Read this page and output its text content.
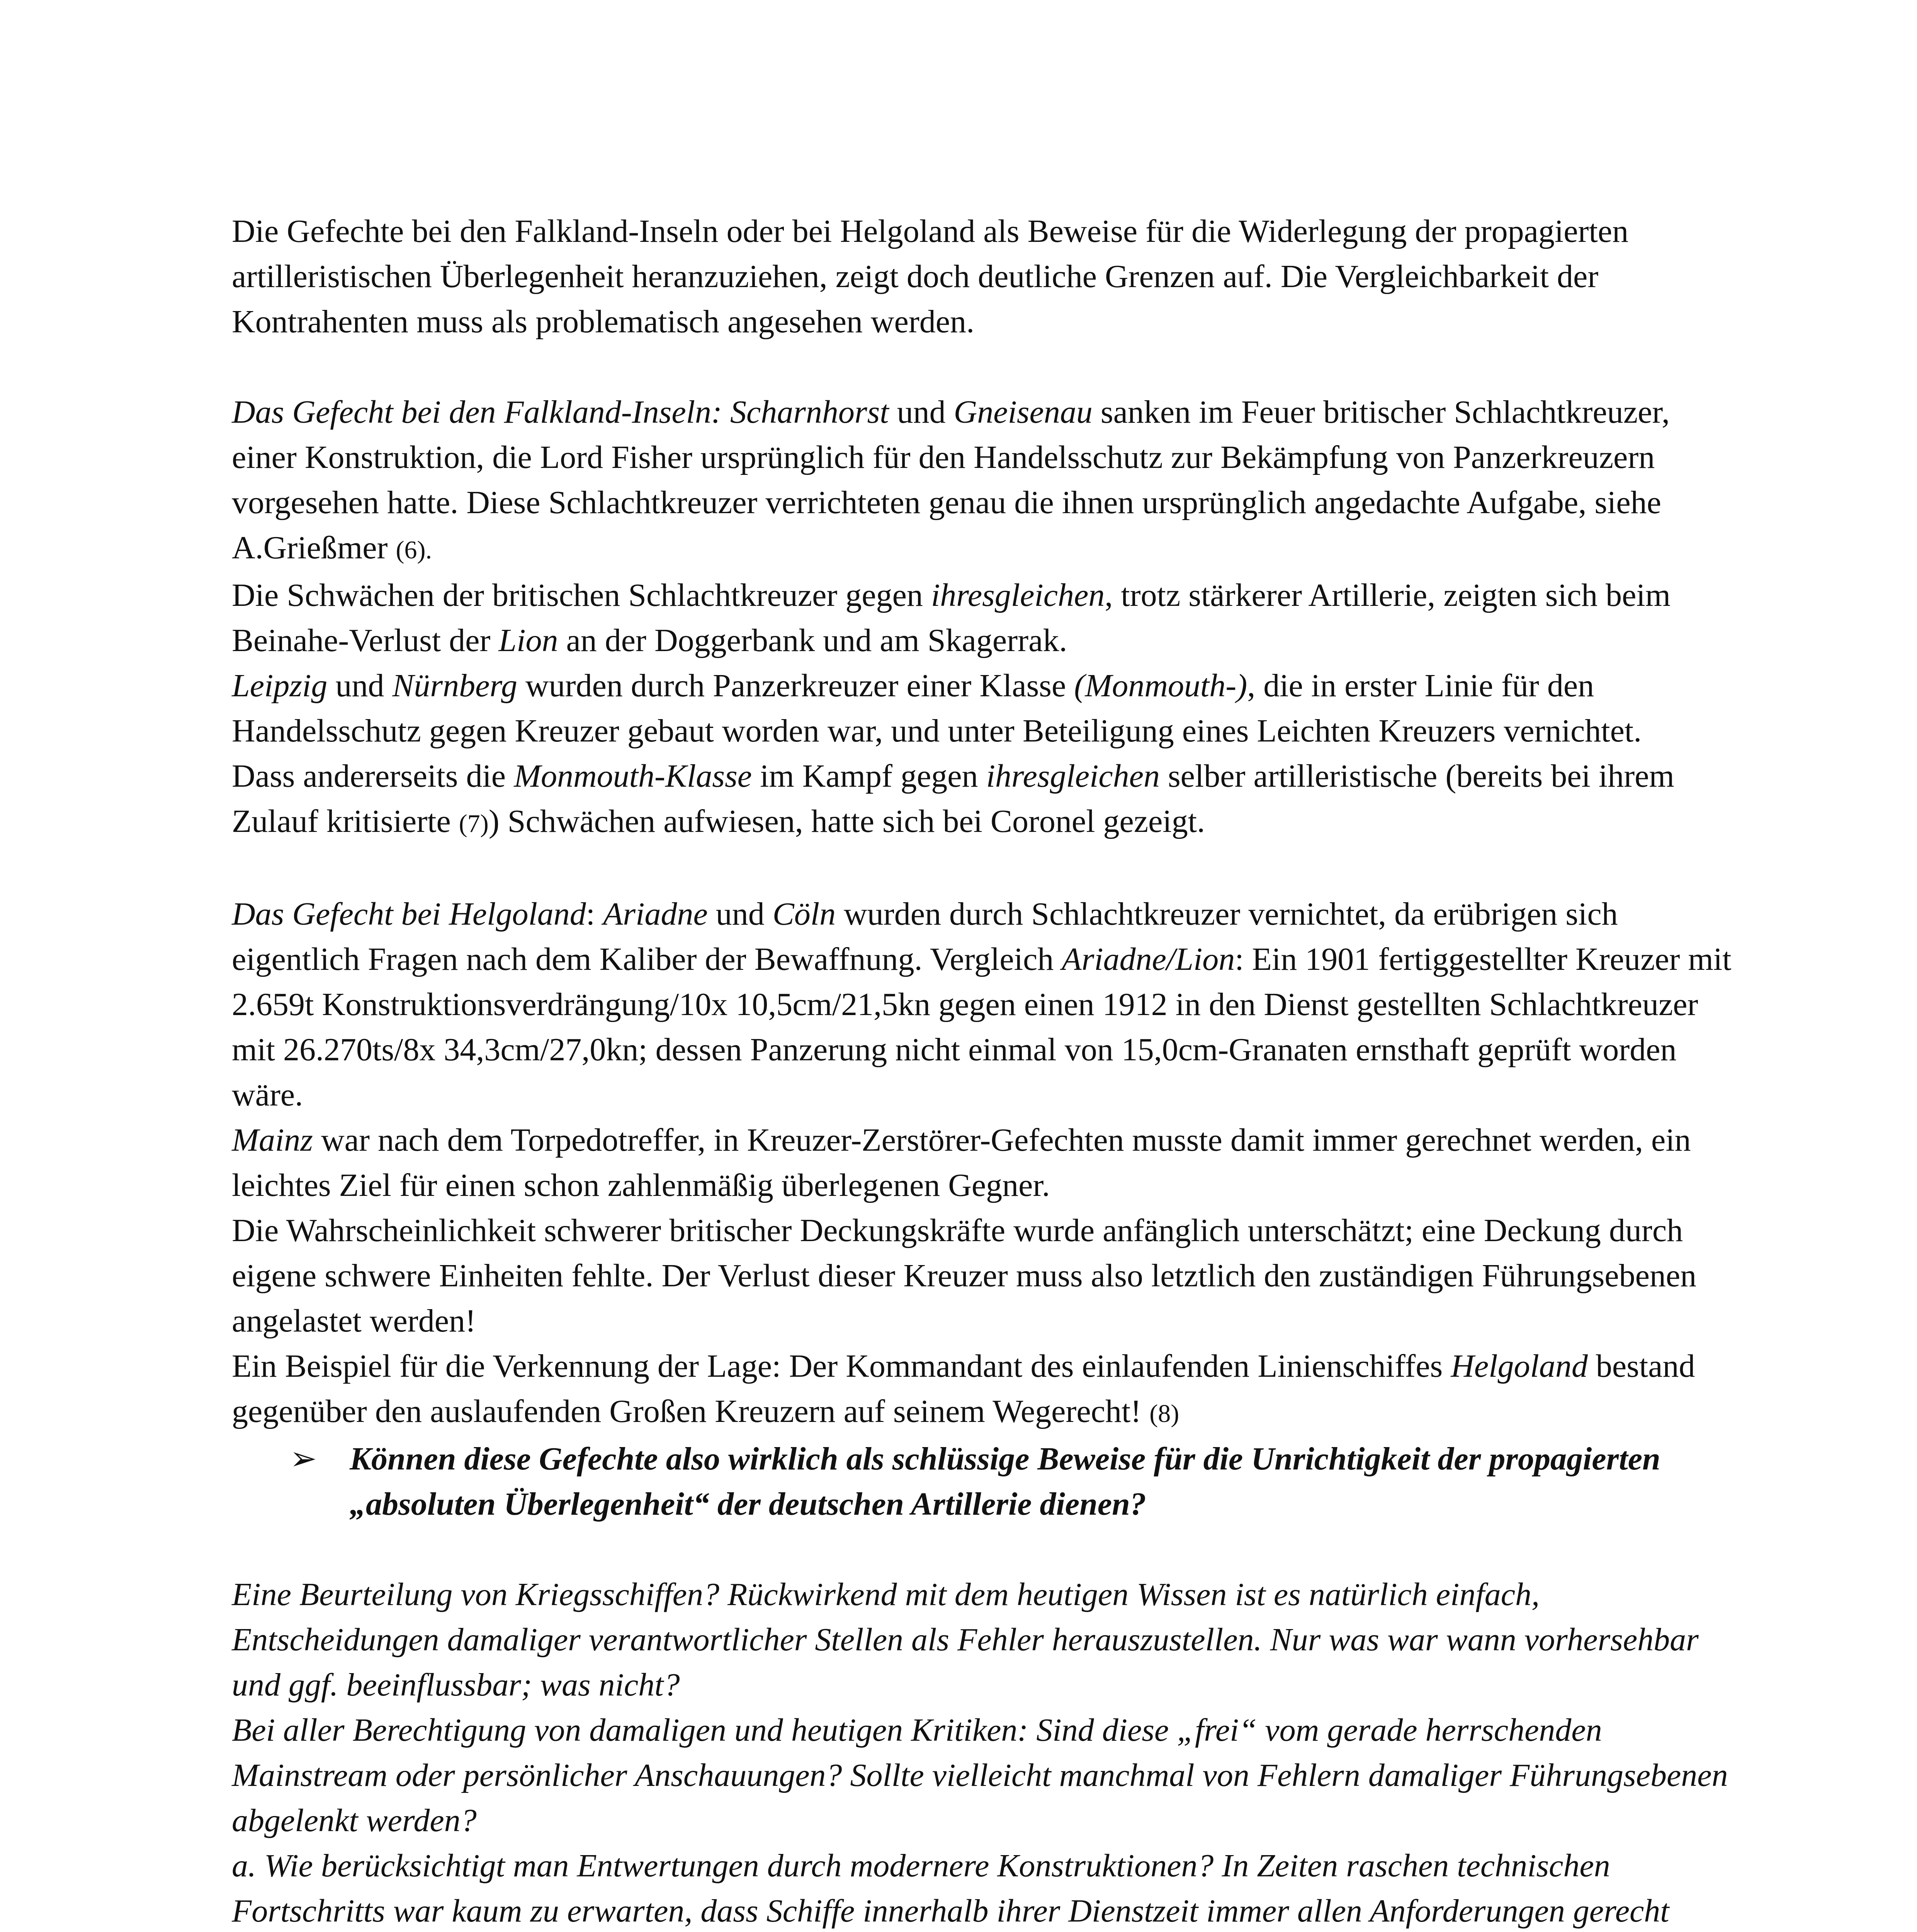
Die Gefechte bei den Falkland-Inseln oder bei Helgoland als Beweise für die Widerlegung der propagierten artilleristischen Überlegenheit heranzuziehen, zeigt doch deutliche Grenzen auf. Die Vergleichbarkeit der Kontrahenten muss als problematisch angesehen werden.

Das Gefecht bei den Falkland-Inseln: Scharnhorst und Gneisenau sanken im Feuer britischer Schlachtkreuzer, einer Konstruktion, die Lord Fisher ursprünglich für den Handelsschutz zur Bekämpfung von Panzerkreuzern vorgesehen hatte. Diese Schlachtkreuzer verrichteten genau die ihnen ursprünglich angedachte Aufgabe, siehe A.Grießmer (6).
Die Schwächen der britischen Schlachtkreuzer gegen ihresgleichen, trotz stärkerer Artillerie, zeigten sich beim Beinahe-Verlust der Lion an der Doggerbank und am Skagerrak.
Leipzig und Nürnberg wurden durch Panzerkreuzer einer Klasse (Monmouth-), die in erster Linie für den Handelsschutz gegen Kreuzer gebaut worden war, und unter Beteiligung eines Leichten Kreuzers vernichtet.
Dass andererseits die Monmouth-Klasse im Kampf gegen ihresgleichen selber artilleristische (bereits bei ihrem Zulauf kritisierte (7)) Schwächen aufwiesen, hatte sich bei Coronel gezeigt.

Das Gefecht bei Helgoland: Ariadne und Cöln wurden durch Schlachtkreuzer vernichtet, da erübrigen sich eigentlich Fragen nach dem Kaliber der Bewaffnung. Vergleich Ariadne/Lion: Ein 1901 fertiggestellter Kreuzer mit 2.659t Konstruktionsverdrängung/10x 10,5cm/21,5kn gegen einen 1912 in den Dienst gestellten Schlachtkreuzer mit 26.270ts/8x 34,3cm/27,0kn; dessen Panzerung nicht einmal von 15,0cm-Granaten ernsthaft geprüft worden wäre.
Mainz war nach dem Torpedotreffer, in Kreuzer-Zerstörer-Gefechten musste damit immer gerechnet werden, ein leichtes Ziel für einen schon zahlenmäßig überlegenen Gegner.
Die Wahrscheinlichkeit schwerer britischer Deckungskräfte wurde anfänglich unterschätzt; eine Deckung durch eigene schwere Einheiten fehlte. Der Verlust dieser Kreuzer muss also letztlich den zuständigen Führungsebenen angelastet werden!
Ein Beispiel für die Verkennung der Lage: Der Kommandant des einlaufenden Linienschiffes Helgoland bestand gegenüber den auslaufenden Großen Kreuzern auf seinem Wegerecht! (8)

➢ Können diese Gefechte also wirklich als schlüssige Beweise für die Unrichtigkeit der propagierten „absoluten Überlegenheit“ der deutschen Artillerie dienen?

Eine Beurteilung von Kriegsschiffen? Rückwirkend mit dem heutigen Wissen ist es natürlich einfach, Entscheidungen damaliger verantwortlicher Stellen als Fehler herauszustellen. Nur was war wann vorhersehbar und ggf. beeinflussbar; was nicht?

Bei aller Berechtigung von damaligen und heutigen Kritiken: Sind diese „frei“ vom gerade herrschenden Mainstream oder persönlicher Anschauungen? Sollte vielleicht manchmal von Fehlern damaliger Führungsebenen abgelenkt werden?

a. Wie berücksichtigt man Entwertungen durch modernere Konstruktionen? In Zeiten raschen technischen Fortschritts war kaum zu erwarten, dass Schiffe innerhalb ihrer Dienstzeit immer allen Anforderungen gerecht
